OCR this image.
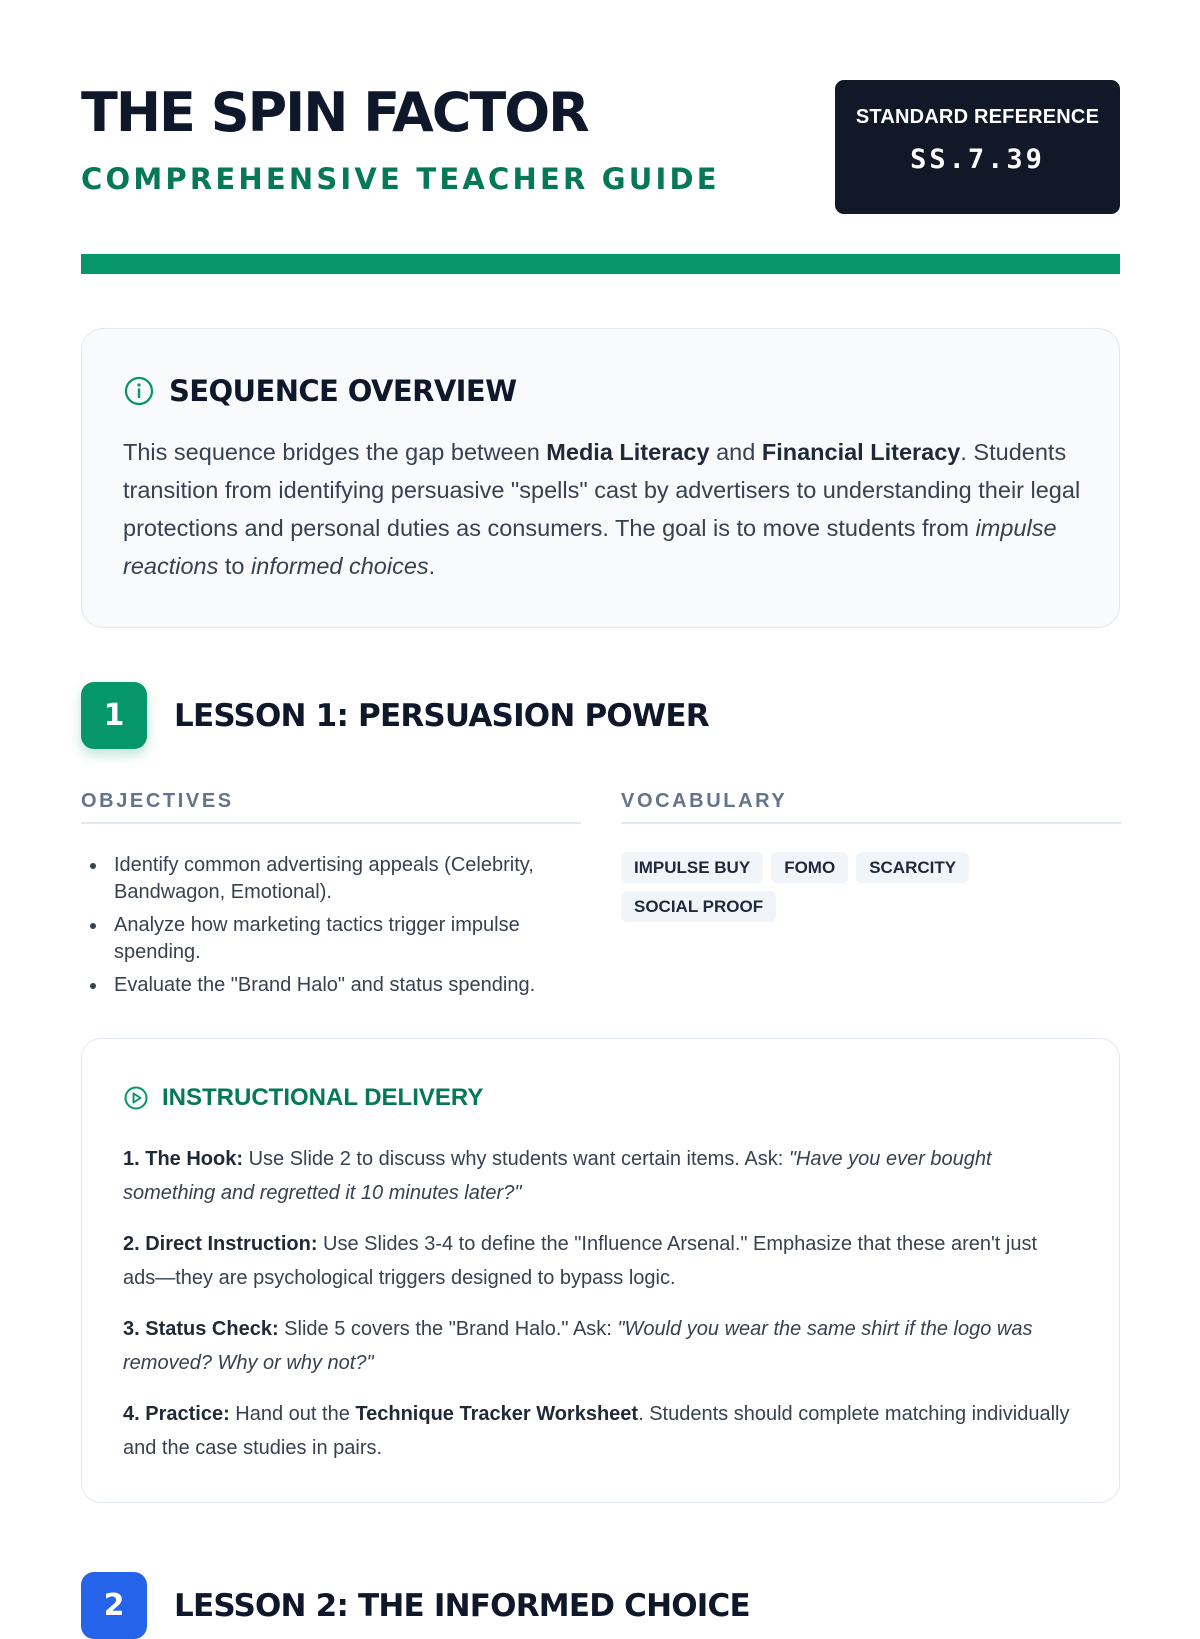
THE SPIN FACTOR
COMPREHENSIVE TEACHER GUIDE
STANDARD REFERENCE
SS.7.39
SEQUENCE OVERVIEW

This sequence bridges the gap between Media Literacy and Financial Literacy. Students transition from identifying persuasive "spells" cast by advertisers to understanding their legal protections and personal duties as consumers. The goal is to move students from impulse reactions to informed choices.

1	LESSON 1: PERSUASION POWER
OBJECTIVES
Identify common advertising appeals (Celebrity, Bandwagon, Emotional).
Analyze how marketing tactics trigger impulse spending.
Evaluate the "Brand Halo" and status spending.
VOCABULARY
IMPULSE BUY	FOMO	SCARCITY
SOCIAL PROOF
INSTRUCTIONAL DELIVERY

1. The Hook: Use Slide 2 to discuss why students want certain items. Ask: "Have you ever bought something and regretted it 10 minutes later?"

2. Direct Instruction: Use Slides 3-4 to define the "Influence Arsenal." Emphasize that these aren't just ads—they are psychological triggers designed to bypass logic.

3. Status Check: Slide 5 covers the "Brand Halo." Ask: "Would you wear the same shirt if the logo was removed? Why or why not?"

4. Practice: Hand out the Technique Tracker Worksheet. Students should complete matching individually and the case studies in pairs.

2	LESSON 2: THE INFORMED CHOICE
